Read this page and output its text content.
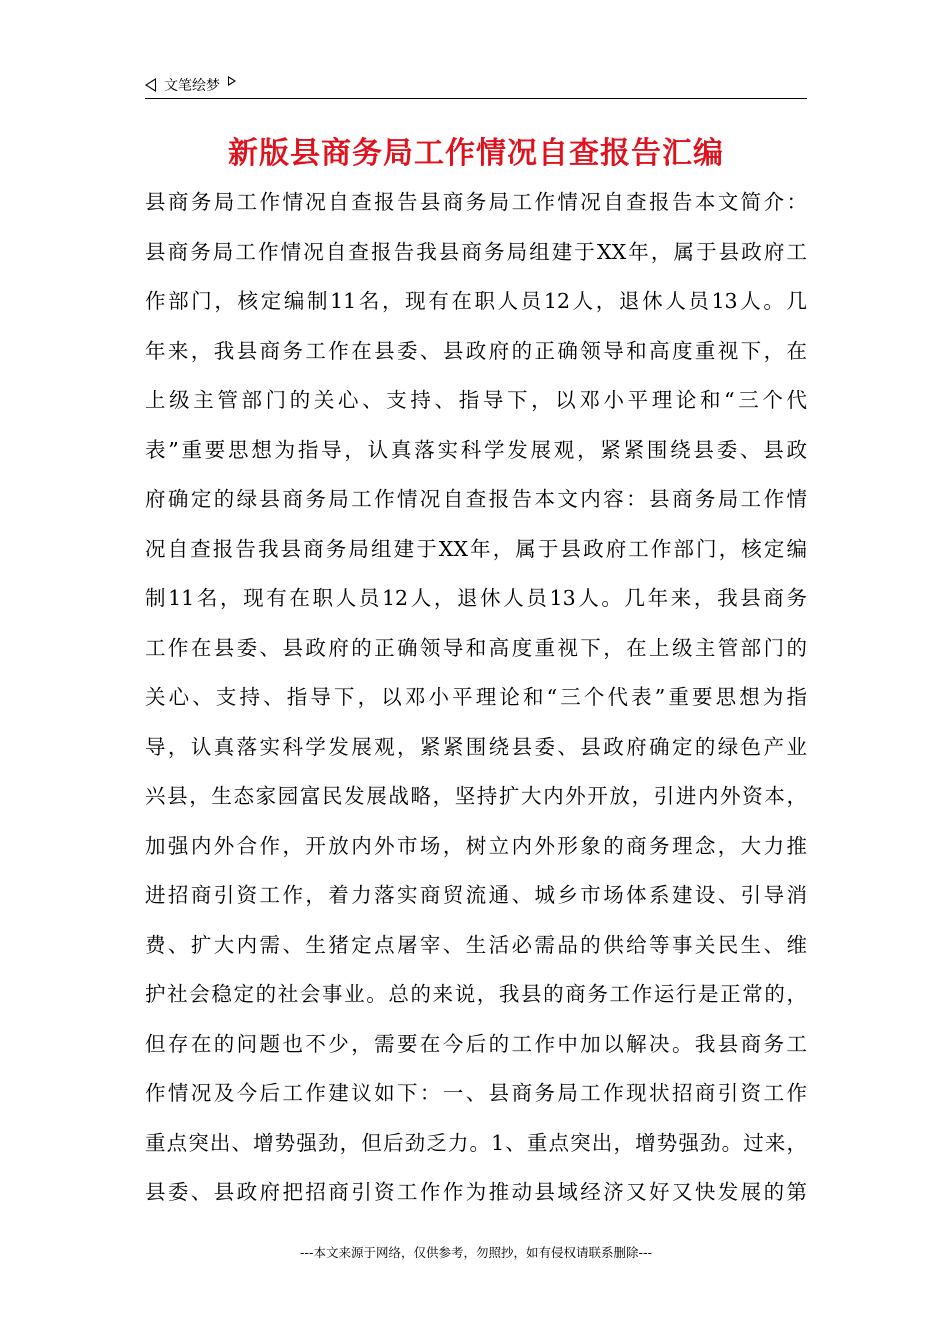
文笔绘梦
新版县商务局工作情况自查报告汇编
县商务局工作情况自查报告县商务局工作情况自查报告本文简介：
县商务局工作情况自查报告我县商务局组建于XX年，属于县政府工
作部门，核定编制11名，现有在职人员12人，退休人员13人。几
年来，我县商务工作在县委、县政府的正确领导和高度重视下，在
上级主管部门的关心、支持、指导下，以邓小平理论和“三个代
表”重要思想为指导，认真落实科学发展观，紧紧围绕县委、县政
府确定的绿县商务局工作情况自查报告本文内容：县商务局工作情
况自查报告我县商务局组建于XX年，属于县政府工作部门，核定编
制11名，现有在职人员12人，退休人员13人。几年来，我县商务
工作在县委、县政府的正确领导和高度重视下，在上级主管部门的
关心、支持、指导下，以邓小平理论和“三个代表”重要思想为指
导，认真落实科学发展观，紧紧围绕县委、县政府确定的绿色产业
兴县，生态家园富民发展战略，坚持扩大内外开放，引进内外资本，
加强内外合作，开放内外市场，树立内外形象的商务理念，大力推
进招商引资工作，着力落实商贸流通、城乡市场体系建设、引导消
费、扩大内需、生猪定点屠宰、生活必需品的供给等事关民生、维
护社会稳定的社会事业。总的来说，我县的商务工作运行是正常的，
但存在的问题也不少，需要在今后的工作中加以解决。我县商务工
作情况及今后工作建议如下：一、县商务局工作现状招商引资工作
重点突出、增势强劲，但后劲乏力。1、重点突出，增势强劲。过来，
县委、县政府把招商引资工作作为推动县域经济又好又快发展的第
---本文来源于网络，仅供参考，勿照抄，如有侵权请联系删除---
